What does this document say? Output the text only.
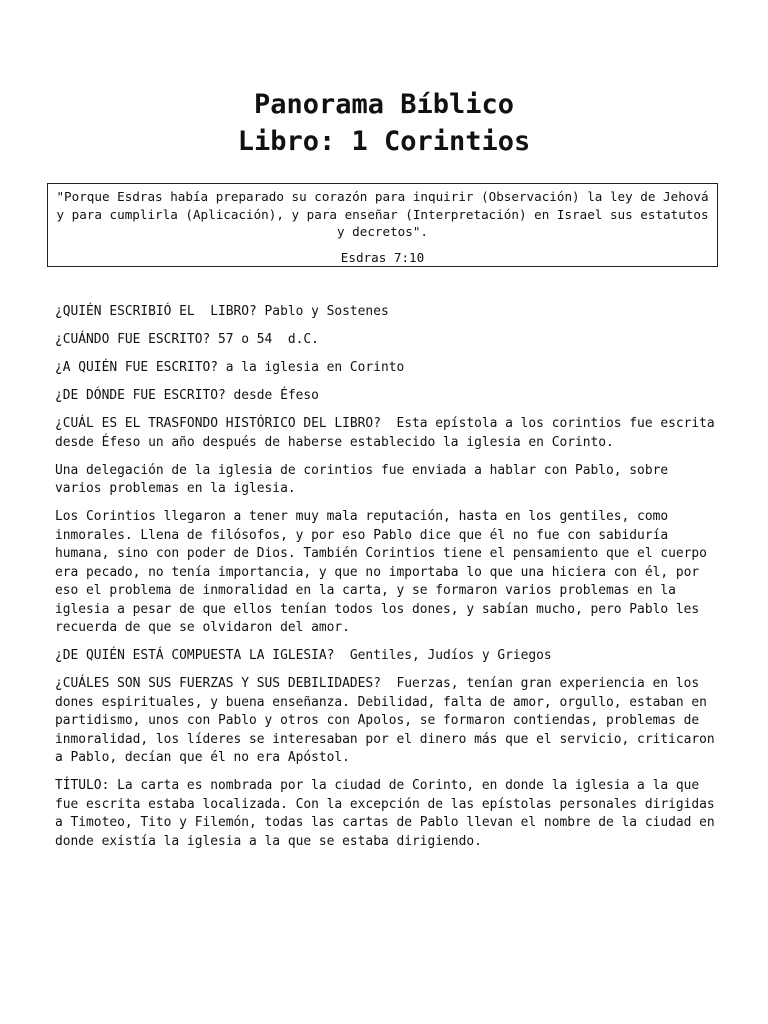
Panorama Bíblico
Libro: 1 Corintios
"Porque Esdras había preparado su corazón para inquirir (Observación) la ley de Jehová y para cumplirla (Aplicación), y para enseñar (Interpretación) en Israel sus estatutos y decretos".
Esdras 7:10

¿QUIÉN ESCRIBIÓ EL  LIBRO? Pablo y Sostenes

¿CUÁNDO FUE ESCRITO? 57 o 54  d.C.

¿A QUIÉN FUE ESCRITO? a la iglesia en Corinto

¿DE DÓNDE FUE ESCRITO? desde Éfeso

¿CUÁL ES EL TRASFONDO HISTÓRICO DEL LIBRO?  Esta epístola a los corintios fue escrita desde Éfeso un año después de haberse establecido la iglesia en Corinto.

Una delegación de la iglesia de corintios fue enviada a hablar con Pablo, sobre varios problemas en la iglesia.

Los Corintios llegaron a tener muy mala reputación, hasta en los gentiles, como inmorales. Llena de filósofos, y por eso Pablo dice que él no fue con sabiduría humana, sino con poder de Dios. También Corintios tiene el pensamiento que el cuerpo era pecado, no tenía importancia, y que no importaba lo que una hiciera con él, por eso el problema de inmoralidad en la carta, y se formaron varios problemas en la iglesia a pesar de que ellos tenían todos los dones, y sabían mucho, pero Pablo les recuerda de que se olvidaron del amor.

¿DE QUIÉN ESTÁ COMPUESTA LA IGLESIA?  Gentiles, Judíos y Griegos

¿CUÁLES SON SUS FUERZAS Y SUS DEBILIDADES?  Fuerzas, tenían gran experiencia en los dones espirituales, y buena enseñanza. Debilidad, falta de amor, orgullo, estaban en partidismo, unos con Pablo y otros con Apolos, se formaron contiendas, problemas de inmoralidad, los líderes se interesaban por el dinero más que el servicio, criticaron a Pablo, decían que él no era Apóstol.

TÍTULO: La carta es nombrada por la ciudad de Corinto, en donde la iglesia a la que fue escrita estaba localizada. Con la excepción de las epístolas personales dirigidas a Timoteo, Tito y Filemón, todas las cartas de Pablo llevan el nombre de la ciudad en donde existía la iglesia a la que se estaba dirigiendo.
